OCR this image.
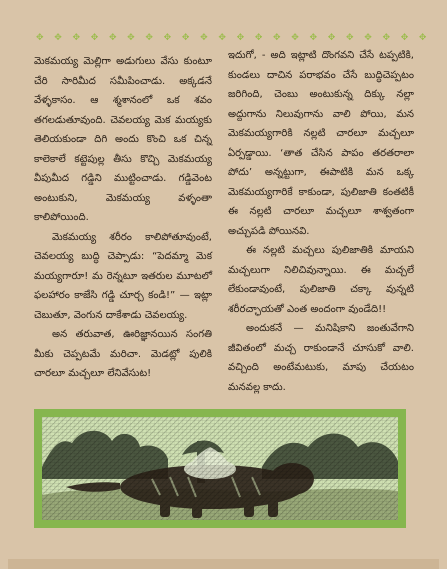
✥ ✥ ✥ ✥ ✥ ✥ ✥ ✥ ✥ ✥ ✥ ✥ ✥ ✥ ✥ ✥ ✥ ✥ ✥ ✥ ✥ ✥

మెకమయ్య మెల్లిగా అడుగులు వేసు కుంటూ చేరి సారిమీద సమీపించాడు. అక్కడనే వేళ్ళకాసం. ఆ శ్మశానంలో ఒక శవం తగలడుతూవుంది. చెవలయ్య మెక మయ్యకు తెలియకుండా దిగి అందు కొంచి ఒక చిన్న కాలెకాలే కట్టెపుల్ల తీసు కొచ్చి మెకమయ్య వీపుమీద గడ్డిని ముట్టించాడు. గడ్డివెంట అంటుకుని, మెకమయ్య వళ్ళంతా కాలిపోయింది.

మెకమయ్య శరీరం కాలిపోతూవుంటే, చెవలయ్య బుద్ధి చెప్పాడు: “పెదమ్మా మెక మయ్యగారూ! మ రెన్నటూ ఇతరుల మూటలో ఫలహారం కాజేసి గడ్డి చూర్చ కండి!” — ఇట్లా చెబుతూ, వెంగున దాకేశాడు చెవలయ్య.

అన తరువాత, ఊరిజ్ఞానయిన సంగతి మీకు చెప్పటమే మరిచా. మెడట్లో పులికి చారలూ మచ్చలూ లేనివేసుట!

ఇదుగో, - అది ఇట్లాటి దొంగవని చేసే టప్పటికి, కుండలు దాచిన పరాభవం చేసే బుద్ధిచెప్పటం జరిగింది, చెంబు అంటుకున్న దిక్కు నల్లా అద్దుగాను నిలువుగాను వాలి పోయి, మన మెకమయ్యగారికి నల్లటి చారలూ మచ్చలూ ఏర్పడ్డాయి. ‘తాత చేసిన పాపం తరతరాలా పోదు’ అన్నట్టుగా, ఈపాటికి మన ఒక్క మెకమయ్యగారికే కాకుండా, పులిజాతి కంతటికీ ఈ నల్లటి చారలూ మచ్చలూ శాశ్వతంగా అచ్చుపడి పోయినవి.

ఈ నల్లటి మచ్చలు పులిజాతికి మాయని మచ్చలుగా నిలిచివున్నాయి. ఈ మచ్చలే లేకుండావుంటే, పులిజాతి చక్కా వున్నటి శరీరచ్ఛాయతో ఎంత అందంగా వుండేది!!

అందుకనే — మనిషికాని జంతువేగాని జీవితంలో మచ్చ రాకుండానే చూసుకో వాలి. వచ్చింది అంటేమటుకు, మాపు చేయటం మనవల్ల కాదు.
